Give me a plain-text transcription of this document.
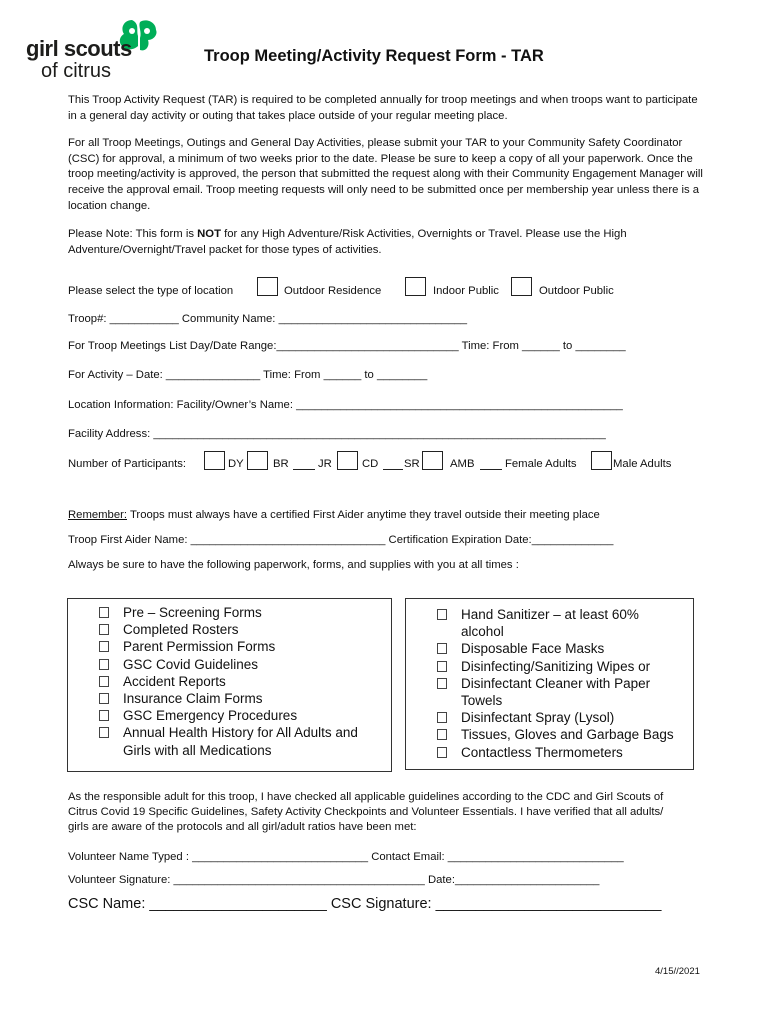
girl scouts
of citrus
Troop Meeting/Activity Request Form - TAR
This Troop Activity Request (TAR) is required to be completed annually for troop meetings and when troops want to participate in a general day activity or outing that takes place outside of your regular meeting place.
For all Troop Meetings, Outings and General Day Activities, please submit your TAR to your Community Safety Coordinator (CSC) for approval, a minimum of two weeks prior to the date. Please be sure to keep a copy of all your paperwork. Once the troop meeting/activity is approved, the person that submitted the request along with their Community Engagement Manager will receive the approval email. Troop meeting requests will only need to be submitted once per membership year unless there is a location change.
Please Note: This form is NOT for any High Adventure/Risk Activities, Overnights or Travel. Please use the High Adventure/Overnight/Travel packet for those types of activities.
Please select the type of location	Outdoor Residence	Indoor Public	Outdoor Public
Troop#: ___________ Community Name: ______________________________
For Troop Meetings List Day/Date Range:_____________________________ Time: From ______ to ________
For Activity – Date: _______________ Time: From ______ to ________
Location Information: Facility/Owner’s Name: ____________________________________________________
Facility Address: ________________________________________________________________________
Number of Participants:	DY	BR	JR	CD SR	AMB	Female Adults	Male Adults
Remember: Troops must always have a certified First Aider anytime they travel outside their meeting place
Troop First Aider Name: _______________________________ Certification Expiration Date:_____________
Always be sure to have the following paperwork, forms, and supplies with you at all times :
Pre – Screening Forms
Completed Rosters
Parent Permission Forms
GSC Covid Guidelines
Accident Reports
Insurance Claim Forms
GSC Emergency Procedures
Annual Health History for All Adults and Girls with all Medications
Hand Sanitizer – at least 60% alcohol
Disposable Face Masks
Disinfecting/Sanitizing Wipes or
Disinfectant Cleaner with Paper Towels
Disinfectant Spray (Lysol)
Tissues, Gloves and Garbage Bags
Contactless Thermometers
As the responsible adult for this troop, I have checked all applicable guidelines according to the CDC and Girl Scouts of Citrus Covid 19 Specific Guidelines, Safety Activity Checkpoints and Volunteer Essentials. I have verified that all adults/ girls are aware of the protocols and all girl/adult ratios have been met:
Volunteer Name Typed : ____________________________ Contact Email: ____________________________
Volunteer Signature: ________________________________________ Date:_______________________
CSC Name: ______________________ CSC Signature: ____________________________
4/15//2021
